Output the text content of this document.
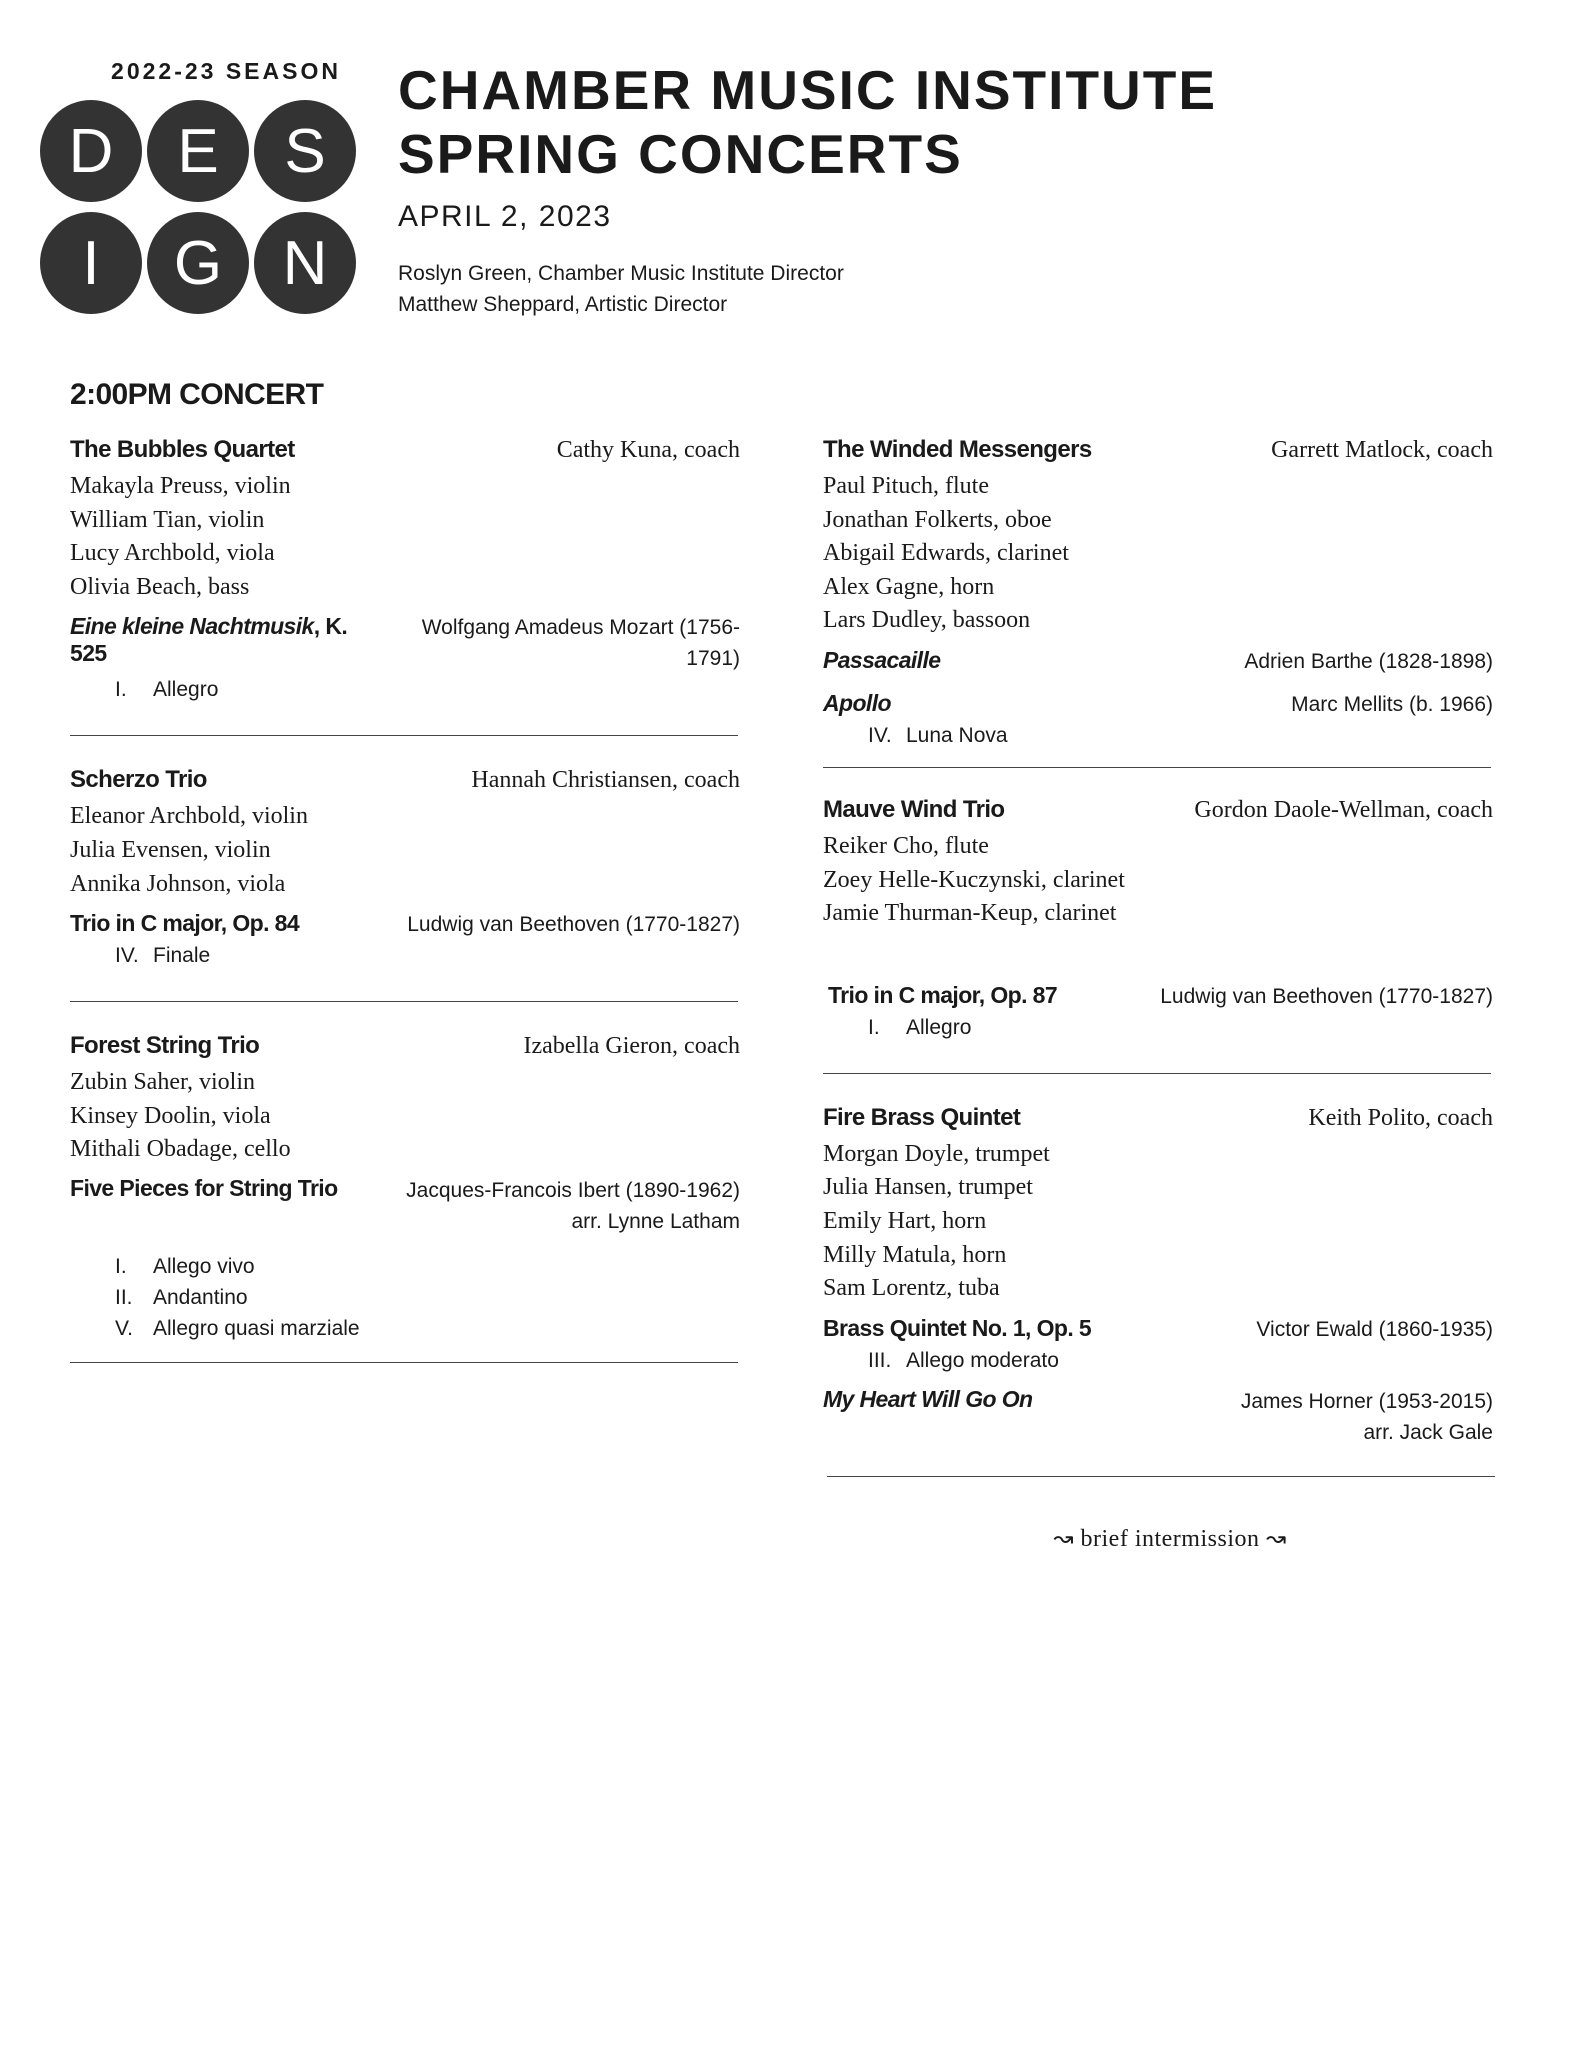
2022-23 SEASON
D	E	S
I	G N
CHAMBER MUSIC INSTITUTE
SPRING CONCERTS
APRIL 2, 2023
Roslyn Green, Chamber Music Institute Director
Matthew Sheppard, Artistic Director
2:00PM CONCERT
The Bubbles Quartet	Cathy Kuna, coach
Makayla Preuss, violin
William Tian, violin
Lucy Archbold, viola
Olivia Beach, bass
Eine kleine Nachtmusik, K. 525
Wolfgang Amadeus Mozart (1756-1791)
I.	Allegro
Scherzo Trio	Hannah Christiansen, coach
Eleanor Archbold, violin
Julia Evensen, violin
Annika Johnson, viola
Trio in C major, Op. 84	Ludwig van Beethoven (1770-1827)
IV. Finale
Forest String Trio	Izabella Gieron, coach
Zubin Saher, violin
Kinsey Doolin, viola
Mithali Obadage, cello
Five Pieces for String Trio	Jacques-Francois Ibert (1890-1962)
arr. Lynne Latham
I.	Allego vivo
II. Andantino
V. Allegro quasi marziale
The Winded Messengers	Garrett Matlock, coach
Paul Pituch, flute
Jonathan Folkerts, oboe
Abigail Edwards, clarinet
Alex Gagne, horn
Lars Dudley, bassoon
Passacaille	Adrien Barthe (1828-1898)
Apollo	Marc Mellits (b. 1966)
IV. Luna Nova
Mauve Wind Trio	Gordon Daole-Wellman, coach
Reiker Cho, flute
Zoey Helle-Kuczynski, clarinet
Jamie Thurman-Keup, clarinet
Trio in C major, Op. 87	Ludwig van Beethoven (1770-1827)
I.	Allegro
Fire Brass Quintet	Keith Polito, coach
Morgan Doyle, trumpet
Julia Hansen, trumpet
Emily Hart, horn
Milly Matula, horn
Sam Lorentz, tuba
Brass Quintet No. 1, Op. 5	Victor Ewald (1860-1935)
III. Allego moderato
My Heart Will Go On	James Horner (1953-2015)
arr. Jack Gale
↝ brief intermission ↝
